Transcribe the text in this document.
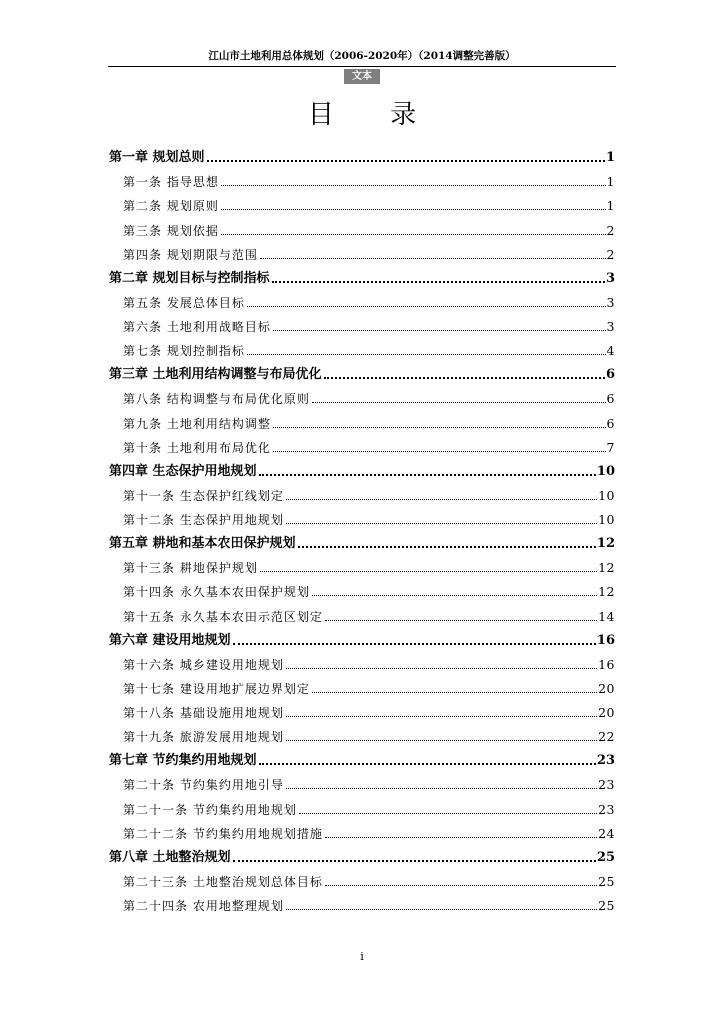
江山市土地利用总体规划（2006-2020年）（2014调整完善版）
文本
目 录
第一章 规划总则	1
第一条 指导思想	1
第二条 规划原则	1
第三条 规划依据	2
第四条 规划期限与范围	2
第二章 规划目标与控制指标	3
第五条 发展总体目标	3
第六条 土地利用战略目标	3
第七条 规划控制指标	4
第三章 土地利用结构调整与布局优化	6
第八条 结构调整与布局优化原则	6
第九条 土地利用结构调整	6
第十条 土地利用布局优化	7
第四章 生态保护用地规划	10
第十一条 生态保护红线划定	10
第十二条 生态保护用地规划	10
第五章 耕地和基本农田保护规划	12
第十三条 耕地保护规划	12
第十四条 永久基本农田保护规划	12
第十五条 永久基本农田示范区划定	14
第六章 建设用地规划	16
第十六条 城乡建设用地规划	16
第十七条 建设用地扩展边界划定	20
第十八条 基础设施用地规划	20
第十九条 旅游发展用地规划	22
第七章 节约集约用地规划	23
第二十条 节约集约用地引导	23
第二十一条 节约集约用地规划	23
第二十二条 节约集约用地规划措施	24
第八章 土地整治规划	25
第二十三条 土地整治规划总体目标	25
第二十四条 农用地整理规划	25
i
